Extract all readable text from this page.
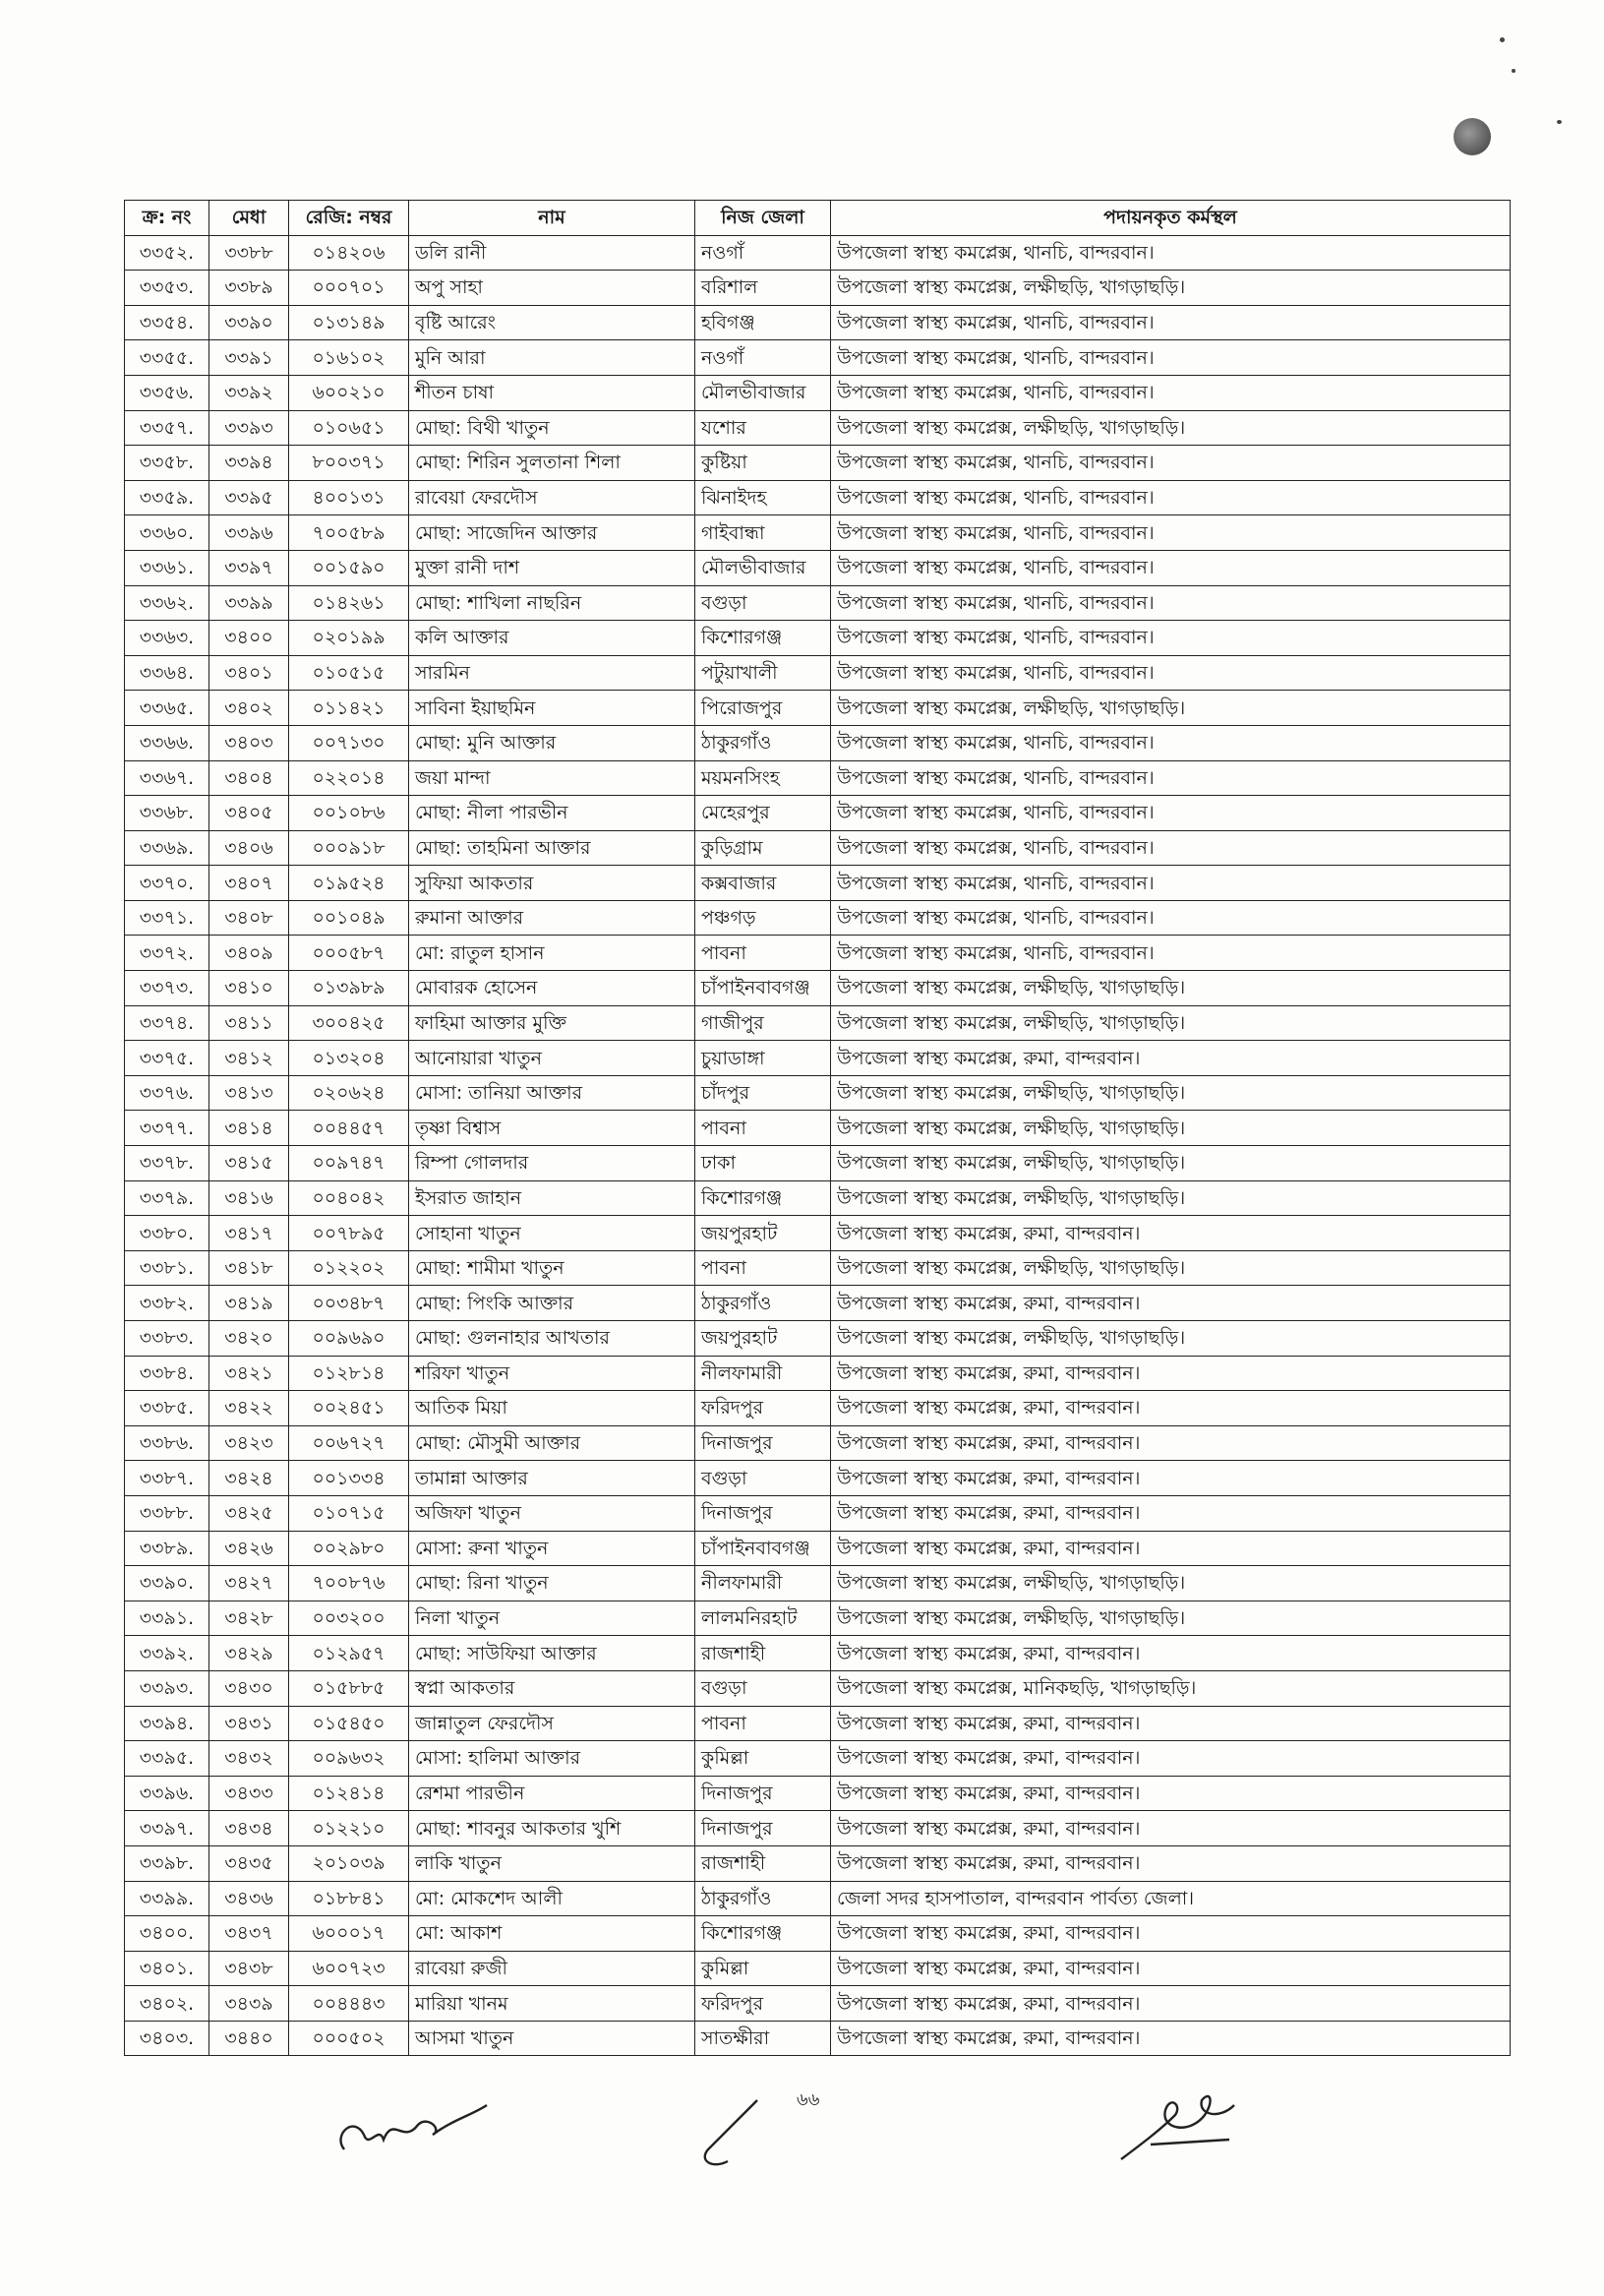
ক্র: নং	মেধা	রেজি: নম্বর	নাম	নিজ জেলা	পদায়নকৃত কর্মস্থল
৩৩৫২.	৩৩৮৮	০১৪২০৬	ডলি রানী	নওগাঁ	উপজেলা স্বাস্থ্য কমপ্লেক্স, থানচি, বান্দরবান।
৩৩৫৩.	৩৩৮৯	০০০৭০১	অপু সাহা	বরিশাল	উপজেলা স্বাস্থ্য কমপ্লেক্স, লক্ষীছড়ি, খাগড়াছড়ি।
৩৩৫৪.	৩৩৯০	০১৩১৪৯	বৃষ্টি আরেং	হবিগঞ্জ	উপজেলা স্বাস্থ্য কমপ্লেক্স, থানচি, বান্দরবান।
৩৩৫৫.	৩৩৯১	০১৬১০২	মুনি আরা	নওগাঁ	উপজেলা স্বাস্থ্য কমপ্লেক্স, থানচি, বান্দরবান।
৩৩৫৬.	৩৩৯২	৬০০২১০	শীতন চাষা	মৌলভীবাজার	উপজেলা স্বাস্থ্য কমপ্লেক্স, থানচি, বান্দরবান।
৩৩৫৭.	৩৩৯৩	০১০৬৫১	মোছা: বিথী খাতুন	যশোর	উপজেলা স্বাস্থ্য কমপ্লেক্স, লক্ষীছড়ি, খাগড়াছড়ি।
৩৩৫৮.	৩৩৯৪	৮০০৩৭১	মোছা: শিরিন সুলতানা শিলা	কুষ্টিয়া	উপজেলা স্বাস্থ্য কমপ্লেক্স, থানচি, বান্দরবান।
৩৩৫৯.	৩৩৯৫	৪০০১৩১	রাবেয়া ফেরদৌস	ঝিনাইদহ	উপজেলা স্বাস্থ্য কমপ্লেক্স, থানচি, বান্দরবান।
৩৩৬০.	৩৩৯৬	৭০০৫৮৯	মোছা: সাজেদিন আক্তার	গাইবান্ধা	উপজেলা স্বাস্থ্য কমপ্লেক্স, থানচি, বান্দরবান।
৩৩৬১.	৩৩৯৭	০০১৫৯০	মুক্তা রানী দাশ	মৌলভীবাজার	উপজেলা স্বাস্থ্য কমপ্লেক্স, থানচি, বান্দরবান।
৩৩৬২.	৩৩৯৯	০১৪২৬১	মোছা: শাখিলা নাছরিন	বগুড়া	উপজেলা স্বাস্থ্য কমপ্লেক্স, থানচি, বান্দরবান।
৩৩৬৩.	৩৪০০	০২০১৯৯	কলি আক্তার	কিশোরগঞ্জ	উপজেলা স্বাস্থ্য কমপ্লেক্স, থানচি, বান্দরবান।
৩৩৬৪.	৩৪০১	০১০৫১৫	সারমিন	পটুয়াখালী	উপজেলা স্বাস্থ্য কমপ্লেক্স, থানচি, বান্দরবান।
৩৩৬৫.	৩৪০২	০১১৪২১	সাবিনা ইয়াছমিন	পিরোজপুর	উপজেলা স্বাস্থ্য কমপ্লেক্স, লক্ষীছড়ি, খাগড়াছড়ি।
৩৩৬৬.	৩৪০৩	০০৭১৩০	মোছা: মুনি আক্তার	ঠাকুরগাঁও	উপজেলা স্বাস্থ্য কমপ্লেক্স, থানচি, বান্দরবান।
৩৩৬৭.	৩৪০৪	০২২০১৪	জয়া মান্দা	ময়মনসিংহ	উপজেলা স্বাস্থ্য কমপ্লেক্স, থানচি, বান্দরবান।
৩৩৬৮.	৩৪০৫	০০১০৮৬	মোছা: নীলা পারভীন	মেহেরপুর	উপজেলা স্বাস্থ্য কমপ্লেক্স, থানচি, বান্দরবান।
৩৩৬৯.	৩৪০৬	০০০৯১৮	মোছা: তাহমিনা আক্তার	কুড়িগ্রাম	উপজেলা স্বাস্থ্য কমপ্লেক্স, থানচি, বান্দরবান।
৩৩৭০.	৩৪০৭	০১৯৫২৪	সুফিয়া আকতার	কক্সবাজার	উপজেলা স্বাস্থ্য কমপ্লেক্স, থানচি, বান্দরবান।
৩৩৭১.	৩৪০৮	০০১০৪৯	রুমানা আক্তার	পঞ্চগড়	উপজেলা স্বাস্থ্য কমপ্লেক্স, থানচি, বান্দরবান।
৩৩৭২.	৩৪০৯	০০০৫৮৭	মো: রাতুল হাসান	পাবনা	উপজেলা স্বাস্থ্য কমপ্লেক্স, থানচি, বান্দরবান।
৩৩৭৩.	৩৪১০	০১৩৯৮৯	মোবারক হোসেন	চাঁপাইনবাবগঞ্জ	উপজেলা স্বাস্থ্য কমপ্লেক্স, লক্ষীছড়ি, খাগড়াছড়ি।
৩৩৭৪.	৩৪১১	৩০০৪২৫	ফাহিমা আক্তার মুক্তি	গাজীপুর	উপজেলা স্বাস্থ্য কমপ্লেক্স, লক্ষীছড়ি, খাগড়াছড়ি।
৩৩৭৫.	৩৪১২	০১৩২০৪	আনোয়ারা খাতুন	চুয়াডাঙ্গা	উপজেলা স্বাস্থ্য কমপ্লেক্স, রুমা, বান্দরবান।
৩৩৭৬.	৩৪১৩	০২০৬২৪	মোসা: তানিয়া আক্তার	চাঁদপুর	উপজেলা স্বাস্থ্য কমপ্লেক্স, লক্ষীছড়ি, খাগড়াছড়ি।
৩৩৭৭.	৩৪১৪	০০৪৪৫৭	তৃষ্ণা বিশ্বাস	পাবনা	উপজেলা স্বাস্থ্য কমপ্লেক্স, লক্ষীছড়ি, খাগড়াছড়ি।
৩৩৭৮.	৩৪১৫	০০৯৭৪৭	রিম্পা গোলদার	ঢাকা	উপজেলা স্বাস্থ্য কমপ্লেক্স, লক্ষীছড়ি, খাগড়াছড়ি।
৩৩৭৯.	৩৪১৬	০০৪০৪২	ইসরাত জাহান	কিশোরগঞ্জ	উপজেলা স্বাস্থ্য কমপ্লেক্স, লক্ষীছড়ি, খাগড়াছড়ি।
৩৩৮০.	৩৪১৭	০০৭৮৯৫	সোহানা খাতুন	জয়পুরহাট	উপজেলা স্বাস্থ্য কমপ্লেক্স, রুমা, বান্দরবান।
৩৩৮১.	৩৪১৮	০১২২০২	মোছা: শামীমা খাতুন	পাবনা	উপজেলা স্বাস্থ্য কমপ্লেক্স, লক্ষীছড়ি, খাগড়াছড়ি।
৩৩৮২.	৩৪১৯	০০৩৪৮৭	মোছা: পিংকি আক্তার	ঠাকুরগাঁও	উপজেলা স্বাস্থ্য কমপ্লেক্স, রুমা, বান্দরবান।
৩৩৮৩.	৩৪২০	০০৯৬৯০	মোছা: গুলনাহার আখতার	জয়পুরহাট	উপজেলা স্বাস্থ্য কমপ্লেক্স, লক্ষীছড়ি, খাগড়াছড়ি।
৩৩৮৪.	৩৪২১	০১২৮১৪	শরিফা খাতুন	নীলফামারী	উপজেলা স্বাস্থ্য কমপ্লেক্স, রুমা, বান্দরবান।
৩৩৮৫.	৩৪২২	০০২৪৫১	আতিক মিয়া	ফরিদপুর	উপজেলা স্বাস্থ্য কমপ্লেক্স, রুমা, বান্দরবান।
৩৩৮৬.	৩৪২৩	০০৬৭২৭	মোছা: মৌসুমী আক্তার	দিনাজপুর	উপজেলা স্বাস্থ্য কমপ্লেক্স, রুমা, বান্দরবান।
৩৩৮৭.	৩৪২৪	০০১৩৩৪	তামান্না আক্তার	বগুড়া	উপজেলা স্বাস্থ্য কমপ্লেক্স, রুমা, বান্দরবান।
৩৩৮৮.	৩৪২৫	০১০৭১৫	অজিফা খাতুন	দিনাজপুর	উপজেলা স্বাস্থ্য কমপ্লেক্স, রুমা, বান্দরবান।
৩৩৮৯.	৩৪২৬	০০২৯৮০	মোসা: রুনা খাতুন	চাঁপাইনবাবগঞ্জ	উপজেলা স্বাস্থ্য কমপ্লেক্স, রুমা, বান্দরবান।
৩৩৯০.	৩৪২৭	৭০০৮৭৬	মোছা: রিনা খাতুন	নীলফামারী	উপজেলা স্বাস্থ্য কমপ্লেক্স, লক্ষীছড়ি, খাগড়াছড়ি।
৩৩৯১.	৩৪২৮	০০৩২০০	নিলা খাতুন	লালমনিরহাট	উপজেলা স্বাস্থ্য কমপ্লেক্স, লক্ষীছড়ি, খাগড়াছড়ি।
৩৩৯২.	৩৪২৯	০১২৯৫৭	মোছা: সাউফিয়া আক্তার	রাজশাহী	উপজেলা স্বাস্থ্য কমপ্লেক্স, রুমা, বান্দরবান।
৩৩৯৩.	৩৪৩০	০১৫৮৮৫	স্বপ্না আকতার	বগুড়া	উপজেলা স্বাস্থ্য কমপ্লেক্স, মানিকছড়ি, খাগড়াছড়ি।
৩৩৯৪.	৩৪৩১	০১৫৪৫০	জান্নাতুল ফেরদৌস	পাবনা	উপজেলা স্বাস্থ্য কমপ্লেক্স, রুমা, বান্দরবান।
৩৩৯৫.	৩৪৩২	০০৯৬৩২	মোসা: হালিমা আক্তার	কুমিল্লা	উপজেলা স্বাস্থ্য কমপ্লেক্স, রুমা, বান্দরবান।
৩৩৯৬.	৩৪৩৩	০১২৪১৪	রেশমা পারভীন	দিনাজপুর	উপজেলা স্বাস্থ্য কমপ্লেক্স, রুমা, বান্দরবান।
৩৩৯৭.	৩৪৩৪	০১২২১০	মোছা: শাবনুর আকতার খুশি	দিনাজপুর	উপজেলা স্বাস্থ্য কমপ্লেক্স, রুমা, বান্দরবান।
৩৩৯৮.	৩৪৩৫	২০১০৩৯	লাকি খাতুন	রাজশাহী	উপজেলা স্বাস্থ্য কমপ্লেক্স, রুমা, বান্দরবান।
৩৩৯৯.	৩৪৩৬	০১৮৮৪১	মো: মোকশেদ আলী	ঠাকুরগাঁও	জেলা সদর হাসপাতাল, বান্দরবান পার্বত্য জেলা।
৩৪০০.	৩৪৩৭	৬০০০১৭	মো: আকাশ	কিশোরগঞ্জ	উপজেলা স্বাস্থ্য কমপ্লেক্স, রুমা, বান্দরবান।
৩৪০১.	৩৪৩৮	৬০০৭২৩	রাবেয়া রুজী	কুমিল্লা	উপজেলা স্বাস্থ্য কমপ্লেক্স, রুমা, বান্দরবান।
৩৪০২.	৩৪৩৯	০০৪৪৪৩	মারিয়া খানম	ফরিদপুর	উপজেলা স্বাস্থ্য কমপ্লেক্স, রুমা, বান্দরবান।
৩৪০৩.	৩৪৪০	০০০৫০২	আসমা খাতুন	সাতক্ষীরা	উপজেলা স্বাস্থ্য কমপ্লেক্স, রুমা, বান্দরবান।
৬৬
